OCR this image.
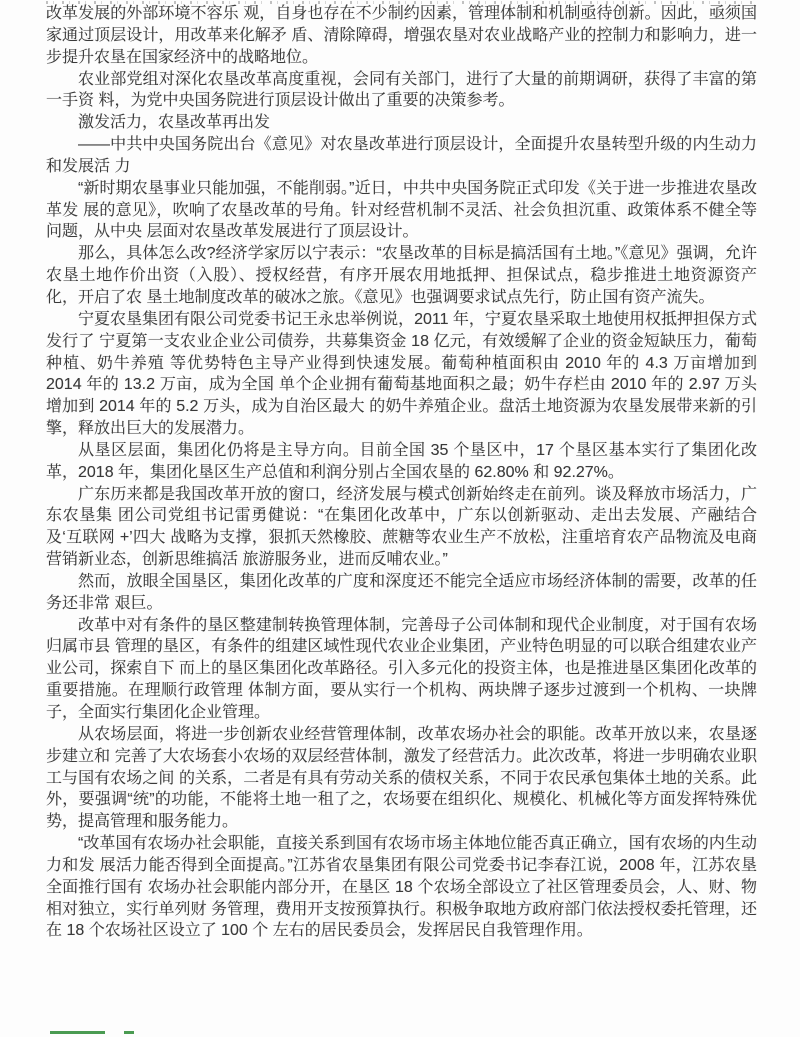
改革发展的外部环境不容乐 观，自身也存在不少制约因素，管理体制和机制亟待创新。因此，亟须国家通过顶层设计，用改革来化解矛 盾、清除障碍，增强农垦对农业战略产业的控制力和影响力，进一步提升农垦在国家经济中的战略地位。

农业部党组对深化农垦改革高度重视，会同有关部门，进行了大量的前期调研，获得了丰富的第一手资 料，为党中央国务院进行顶层设计做出了重要的决策参考。

激发活力，农垦改革再出发

——中共中央国务院出台《意见》对农垦改革进行顶层设计，全面提升农垦转型升级的内生动力和发展活 力

“新时期农垦事业只能加强，不能削弱。”近日，中共中央国务院正式印发《关于进一步推进农垦改革发 展的意见》，吹响了农垦改革的号角。针对经营机制不灵活、社会负担沉重、政策体系不健全等问题，从中央 层面对农垦改革发展进行了顶层设计。

那么，具体怎么改?经济学家厉以宁表示：“农垦改革的目标是搞活国有土地。”《意见》强调，允许农垦土地作价出资（入股）、授权经营，有序开展农用地抵押、担保试点，稳步推进土地资源资产化，开启了农 垦土地制度改革的破冰之旅。《意见》也强调要求试点先行，防止国有资产流失。

宁夏农垦集团有限公司党委书记王永忠举例说，2011 年，宁夏农垦采取土地使用权抵押担保方式发行了 宁夏第一支农业企业公司债券，共募集资金 18 亿元，有效缓解了企业的资金短缺压力，葡萄种植、奶牛养殖 等优势特色主导产业得到快速发展。葡萄种植面积由 2010 年的 4.3 万亩增加到 2014 年的 13.2 万亩，成为全国 单个企业拥有葡萄基地面积之最；奶牛存栏由 2010 年的 2.97 万头增加到 2014 年的 5.2 万头，成为自治区最大 的奶牛养殖企业。盘活土地资源为农垦发展带来新的引擎，释放出巨大的发展潜力。

从垦区层面，集团化仍将是主导方向。目前全国 35 个垦区中，17 个垦区基本实行了集团化改革，2018 年，集团化垦区生产总值和利润分别占全国农垦的 62.80% 和 92.27%。

广东历来都是我国改革开放的窗口，经济发展与模式创新始终走在前列。谈及释放市场活力，广东农垦集 团公司党组书记雷勇健说：“在集团化改革中，广东以创新驱动、走出去发展、产融结合及‘互联网 +’四大 战略为支撑，狠抓天然橡胶、蔗糖等农业生产不放松，注重培育农产品物流及电商营销新业态，创新思维搞活 旅游服务业，进而反哺农业。”

然而，放眼全国垦区，集团化改革的广度和深度还不能完全适应市场经济体制的需要，改革的任务还非常 艰巨。

改革中对有条件的垦区整建制转换管理体制，完善母子公司体制和现代企业制度，对于国有农场归属市县 管理的垦区，有条件的组建区域性现代农业企业集团，产业特色明显的可以联合组建农业产业公司，探索自下 而上的垦区集团化改革路径。引入多元化的投资主体，也是推进垦区集团化改革的重要措施。在理顺行政管理 体制方面，要从实行一个机构、两块牌子逐步过渡到一个机构、一块牌子，全面实行集团化企业管理。

从农场层面，将进一步创新农业经营管理体制，改革农场办社会的职能。改革开放以来，农垦逐步建立和 完善了大农场套小农场的双层经营体制，激发了经营活力。此次改革，将进一步明确农业职工与国有农场之间 的关系，二者是有具有劳动关系的债权关系，不同于农民承包集体土地的关系。此外，要强调“统”的功能，不能将土地一租了之，农场要在组织化、规模化、机械化等方面发挥特殊优势，提高管理和服务能力。

“改革国有农场办社会职能，直接关系到国有农场市场主体地位能否真正确立，国有农场的内生动力和发 展活力能否得到全面提高。”江苏省农垦集团有限公司党委书记李春江说，2008 年，江苏农垦全面推行国有 农场办社会职能内部分开，在垦区 18 个农场全部设立了社区管理委员会，人、财、物相对独立，实行单列财 务管理，费用开支按预算执行。积极争取地方政府部门依法授权委托管理，还在 18 个农场社区设立了 100 个 左右的居民委员会，发挥居民自我管理作用。
